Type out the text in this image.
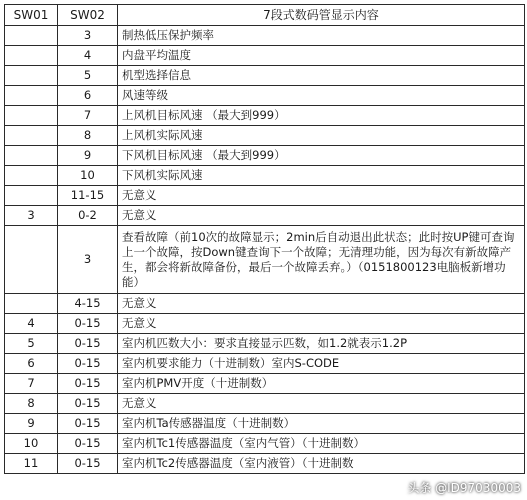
SW01	SW02	7段式数码管显示内容
	3	制热低压保护频率
	4	内盘平均温度
	5	机型选择信息
	6	风速等级
	7	上风机目标风速 （最大到999）
	8	上风机实际风速
	9	下风机目标风速 （最大到999）
	10	下风机实际风速
	11-15	无意义
3	0-2	无意义
	3	查看故障（前10次的故障显示；2min后自动退出此状态；此时按UP键可查询上一个故障，按Down键查询下一个故障；无清理功能，因为每次有新故障产生，都会将新故障备份，最后一个故障丢弃。）（0151800123电脑板新增功能）
	4-15	无意义
4	0-15	无意义
5	0-15	室内机匹数大小：要求直接显示匹数，如1.2就表示1.2P
6	0-15	室内机要求能力（十进制数）室内S-CODE
7	0-15	室内机PMV开度（十进制数）
8	0-15	无意义
9	0-15	室内机Ta传感器温度（十进制数）
10	0-15	室内机Tc1传感器温度（室内气管）（十进制数）
11	0-15	室内机Tc2传感器温度（室内液管）（十进制数
头条 @ID97030003
